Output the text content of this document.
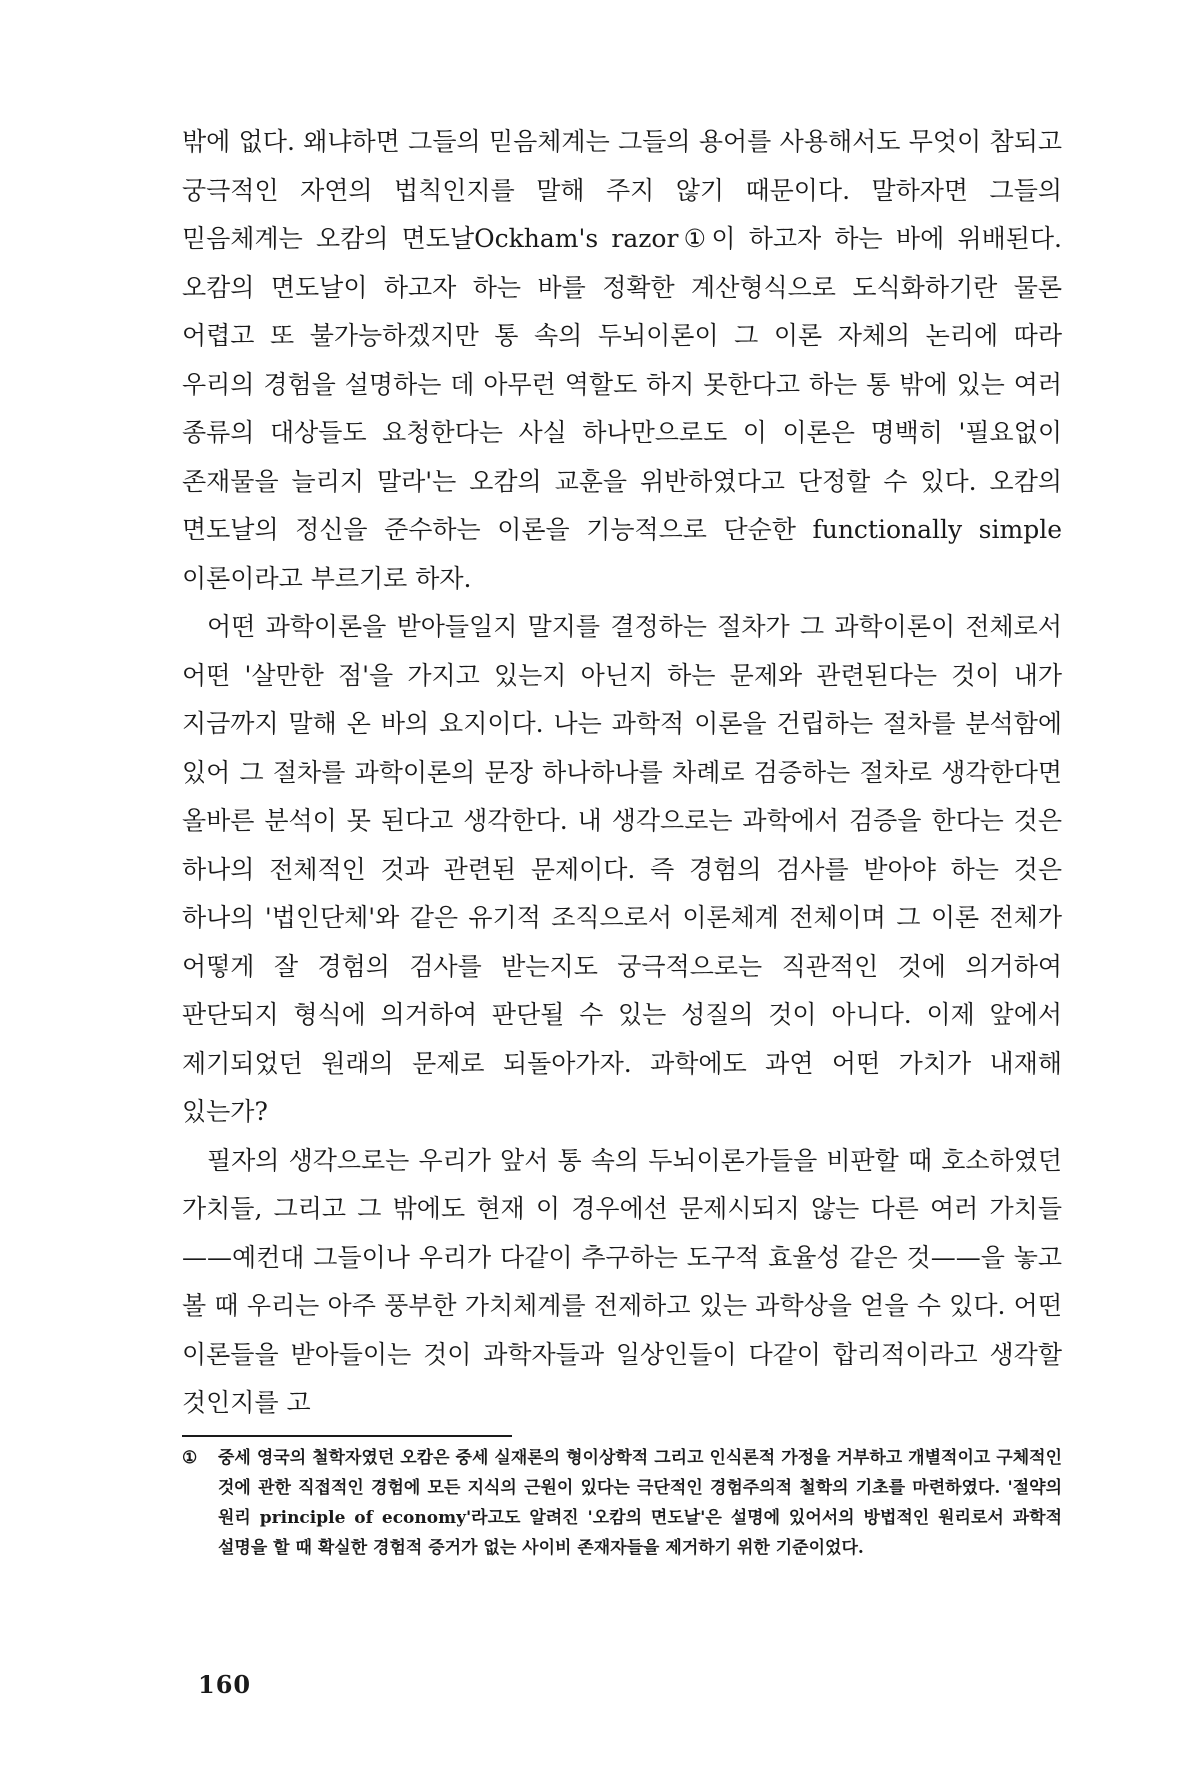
밖에 없다. 왜냐하면 그들의 믿음체계는 그들의 용어를 사용해서도 무엇이 참되고 궁극적인 자연의 법칙인지를 말해 주지 않기 때문이다. 말하자면 그들의 믿음체계는 오캄의 면도날Ockham's razor①이 하고자 하는 바에 위배된다. 오캄의 면도날이 하고자 하는 바를 정확한 계산형식으로 도식화하기란 물론 어렵고 또 불가능하겠지만 통 속의 두뇌이론이 그 이론 자체의 논리에 따라 우리의 경험을 설명하는 데 아무런 역할도 하지 못한다고 하는 통 밖에 있는 여러 종류의 대상들도 요청한다는 사실 하나만으로도 이 이론은 명백히 '필요없이 존재물을 늘리지 말라'는 오캄의 교훈을 위반하였다고 단정할 수 있다. 오캄의 면도날의 정신을 준수하는 이론을 기능적으로 단순한 functionally simple 이론이라고 부르기로 하자.

어떤 과학이론을 받아들일지 말지를 결정하는 절차가 그 과학이론이 전체로서 어떤 '살만한 점'을 가지고 있는지 아닌지 하는 문제와 관련된다는 것이 내가 지금까지 말해 온 바의 요지이다. 나는 과학적 이론을 건립하는 절차를 분석함에 있어 그 절차를 과학이론의 문장 하나하나를 차례로 검증하는 절차로 생각한다면 올바른 분석이 못 된다고 생각한다. 내 생각으로는 과학에서 검증을 한다는 것은 하나의 전체적인 것과 관련된 문제이다. 즉 경험의 검사를 받아야 하는 것은 하나의 '법인단체'와 같은 유기적 조직으로서 이론체계 전체이며 그 이론 전체가 어떻게 잘 경험의 검사를 받는지도 궁극적으로는 직관적인 것에 의거하여 판단되지 형식에 의거하여 판단될 수 있는 성질의 것이 아니다. 이제 앞에서 제기되었던 원래의 문제로 되돌아가자. 과학에도 과연 어떤 가치가 내재해 있는가?

필자의 생각으로는 우리가 앞서 통 속의 두뇌이론가들을 비판할 때 호소하였던 가치들, 그리고 그 밖에도 현재 이 경우에선 문제시되지 않는 다른 여러 가치들——예컨대 그들이나 우리가 다같이 추구하는 도구적 효율성 같은 것——을 놓고 볼 때 우리는 아주 풍부한 가치체계를 전제하고 있는 과학상을 얻을 수 있다. 어떤 이론들을 받아들이는 것이 과학자들과 일상인들이 다같이 합리적이라고 생각할 것인지를 고

①	중세 영국의 철학자였던 오캄은 중세 실재론의 형이상학적 그리고 인식론적 가정을 거부하고 개별적이고 구체적인 것에 관한 직접적인 경험에 모든 지식의 근원이 있다는 극단적인 경험주의적 철학의 기초를 마련하였다. '절약의 원리 principle of economy'라고도 알려진 '오캄의 면도날'은 설명에 있어서의 방법적인 원리로서 과학적 설명을 할 때 확실한 경험적 증거가 없는 사이비 존재자들을 제거하기 위한 기준이었다.
160
